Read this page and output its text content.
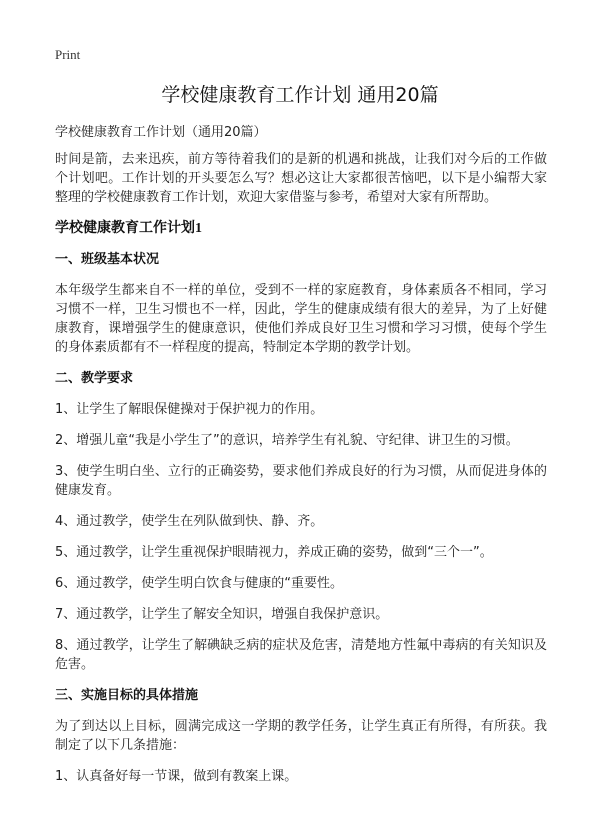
Print
学校健康教育工作计划 通用20篇
学校健康教育工作计划（通用20篇）

时间是箭，去来迅疾，前方等待着我们的是新的机遇和挑战，让我们对今后的工作做个计划吧。工作计划的开头要怎么写？想必这让大家都很苦恼吧，以下是小编帮大家整理的学校健康教育工作计划，欢迎大家借鉴与参考，希望对大家有所帮助。

学校健康教育工作计划1
一、班级基本状况

本年级学生都来自不一样的单位，受到不一样的家庭教育，身体素质各不相同，学习习惯不一样，卫生习惯也不一样，因此，学生的健康成绩有很大的差异，为了上好健康教育，课增强学生的健康意识，使他们养成良好卫生习惯和学习习惯，使每个学生的身体素质都有不一样程度的提高，特制定本学期的教学计划。

二、教学要求

1、让学生了解眼保健操对于保护视力的作用。

2、增强儿童“我是小学生了”的意识，培养学生有礼貌、守纪律、讲卫生的习惯。

3、使学生明白坐、立行的正确姿势，要求他们养成良好的行为习惯，从而促进身体的健康发育。

4、通过教学，使学生在列队做到快、静、齐。

5、通过教学，让学生重视保护眼睛视力，养成正确的姿势，做到“三个一”。

6、通过教学，使学生明白饮食与健康的“重要性。

7、通过教学，让学生了解安全知识，增强自我保护意识。

8、通过教学，让学生了解碘缺乏病的症状及危害，清楚地方性氟中毒病的有关知识及危害。

三、实施目标的具体措施

为了到达以上目标，圆满完成这一学期的教学任务，让学生真正有所得，有所获。我制定了以下几条措施：

1、认真备好每一节课，做到有教案上课。
